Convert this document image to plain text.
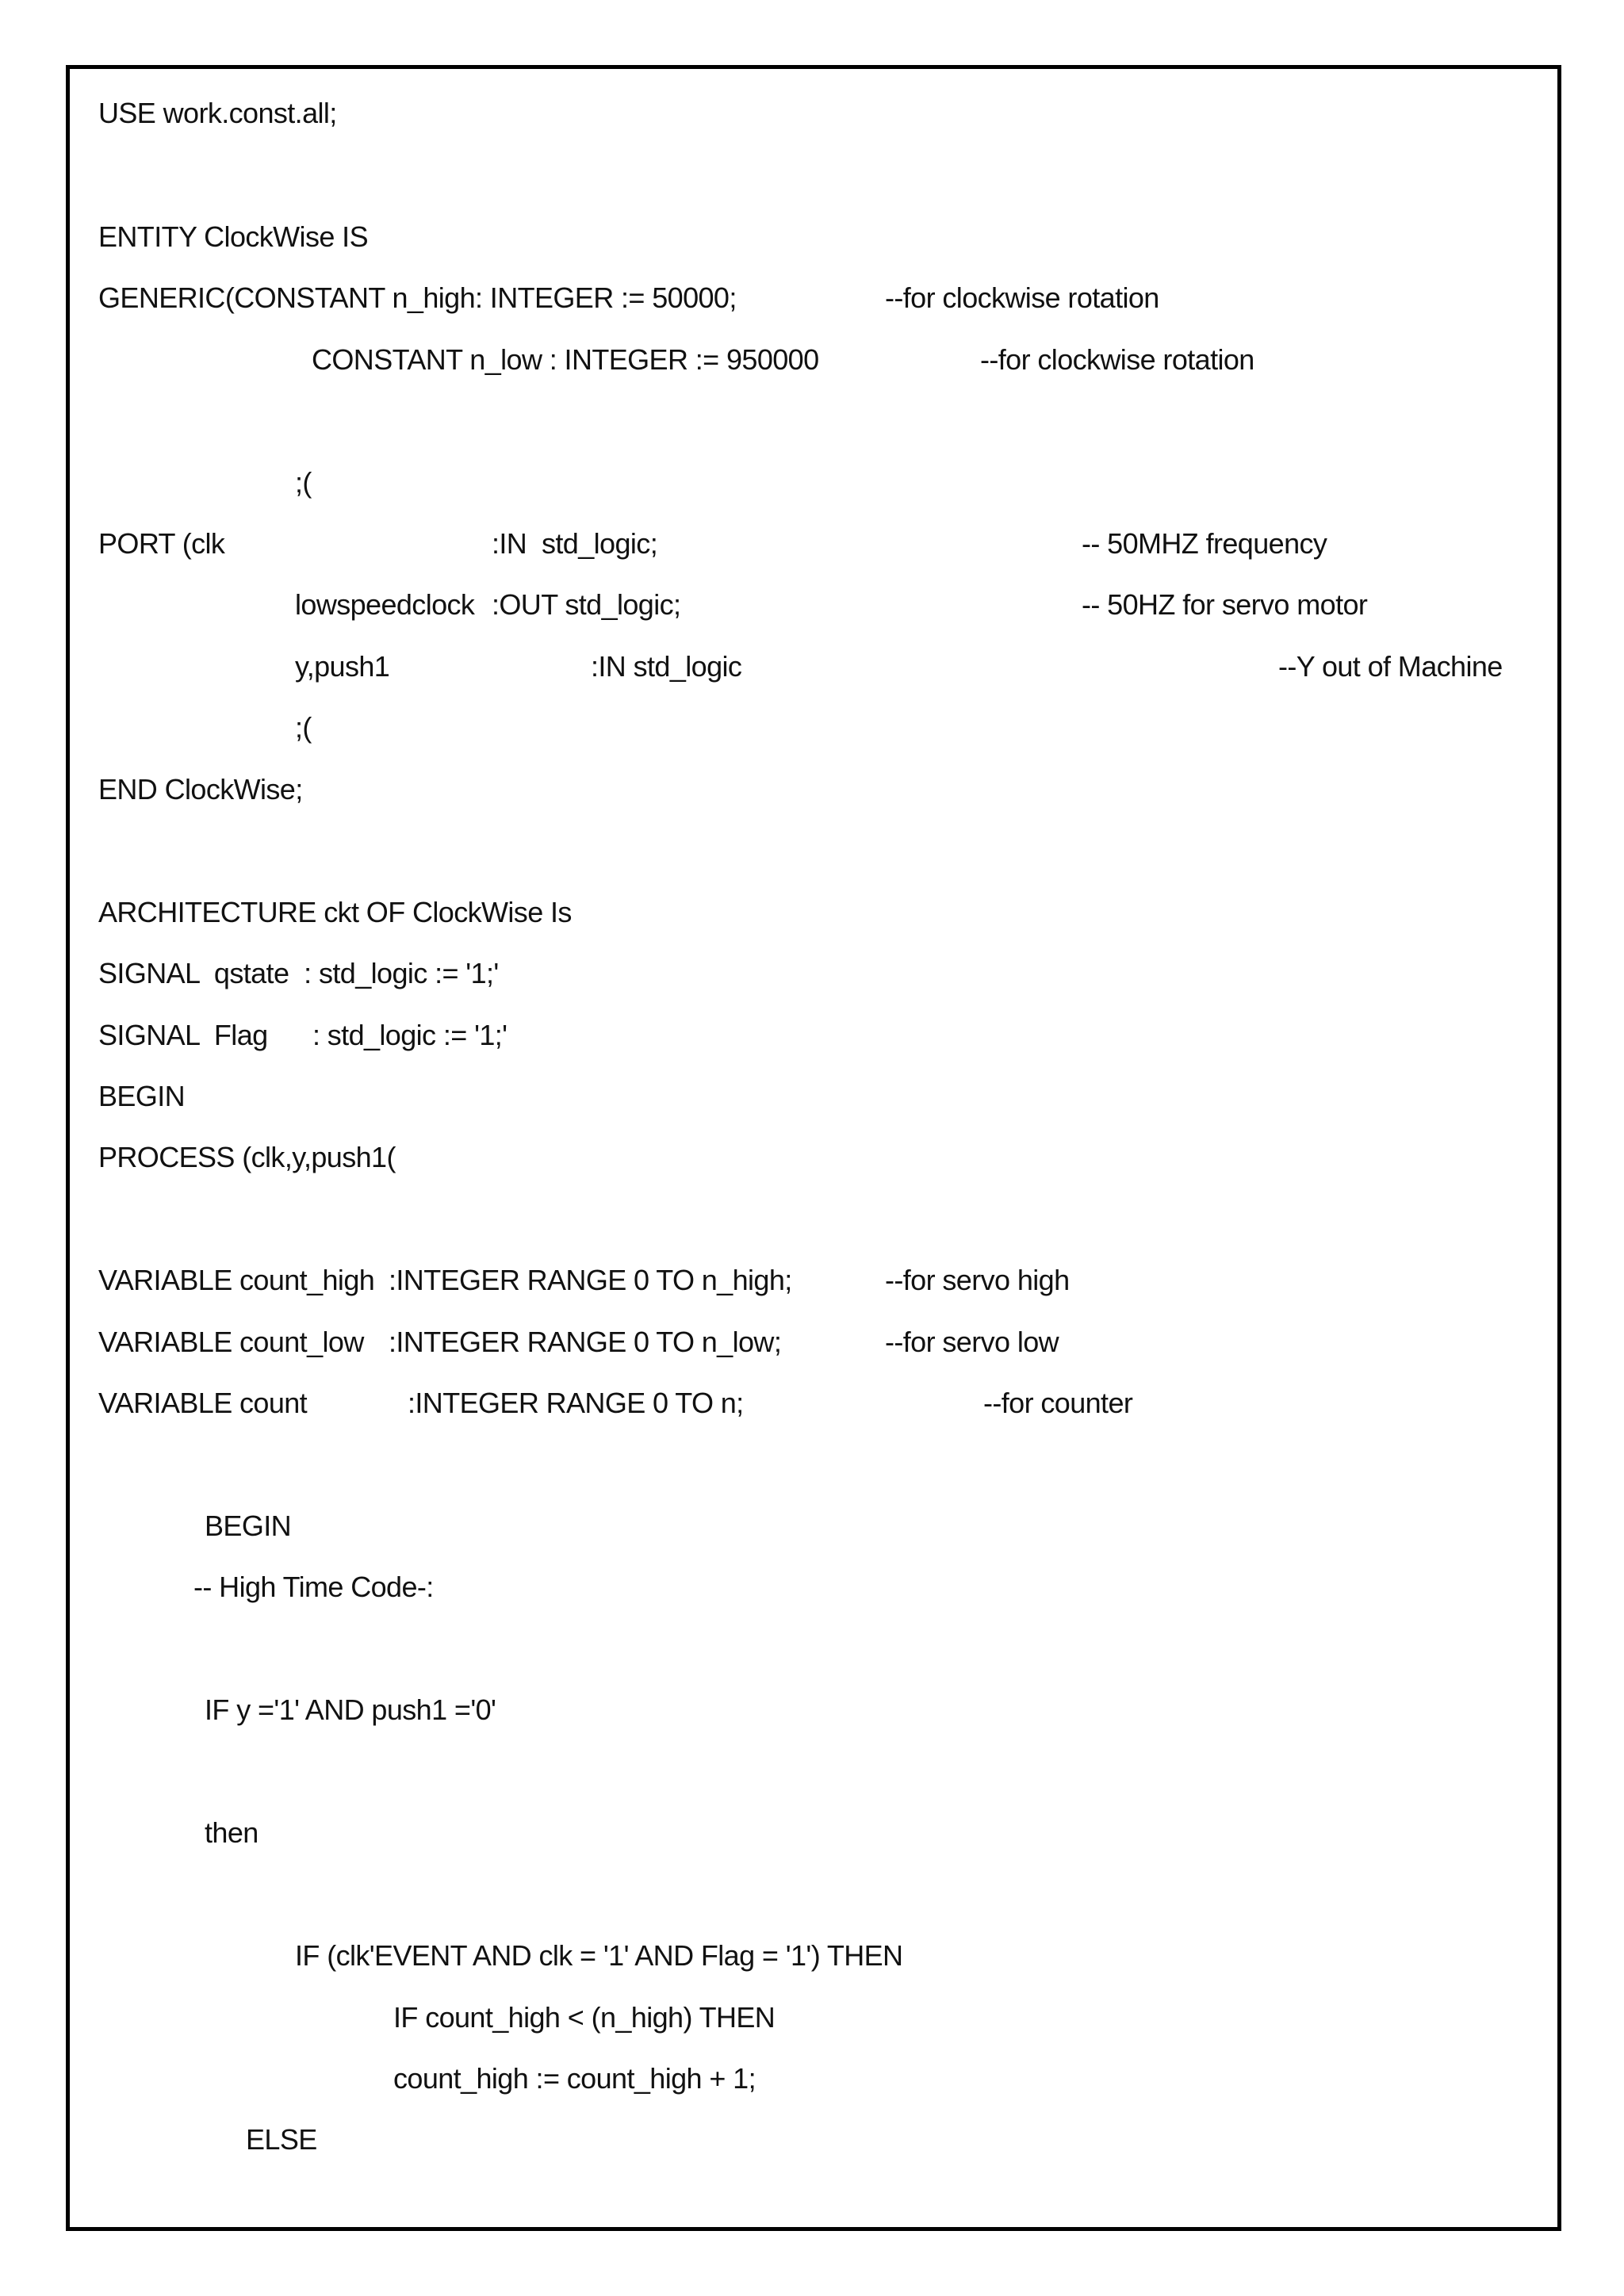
USE work.const.all;
ENTITY ClockWise IS
GENERIC(CONSTANT n_high: INTEGER := 50000;	--for clockwise rotation
CONSTANT n_low : INTEGER := 950000	--for clockwise rotation
;(
PORT (clk	:IN  std_logic;	-- 50MHZ frequency
lowspeedclock :OUT std_logic;	-- 50HZ for servo motor
y,push1	:IN std_logic	--Y out of Machine
;(
END ClockWise;
ARCHITECTURE ckt OF ClockWise Is
SIGNAL  qstate  : std_logic := '1;'
SIGNAL  Flag      : std_logic := '1;'
BEGIN
PROCESS (clk,y,push1(
VARIABLE count_high :INTEGER RANGE 0 TO n_high;	--for servo high
VARIABLE count_low :INTEGER RANGE 0 TO n_low;	--for servo low
VARIABLE count	:INTEGER RANGE 0 TO n;	--for counter
BEGIN
-- High Time Code-:
IF y ='1' AND push1 ='0'
then
IF (clk'EVENT AND clk = '1' AND Flag = '1') THEN
IF count_high < (n_high) THEN
count_high := count_high + 1;
ELSE
